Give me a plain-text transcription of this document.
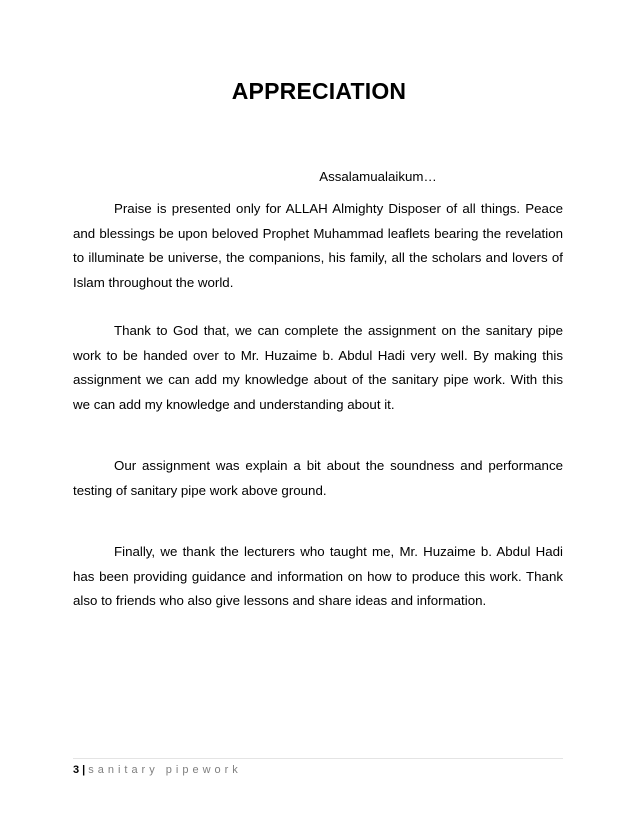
APPRECIATION
Assalamualaikum…

Praise is presented only for ALLAH Almighty Disposer of all things. Peace and blessings be upon beloved Prophet Muhammad leaflets bearing the revelation to illuminate be universe, the companions, his family, all the scholars and lovers of Islam throughout the world.

Thank to God that, we can complete the assignment on the sanitary pipe work to be handed over to Mr. Huzaime b. Abdul Hadi very well. By making this assignment we can add my knowledge about of the sanitary pipe work. With this we can add my knowledge and understanding about it.

Our assignment was explain a bit about the soundness and performance testing of sanitary pipe work above ground.

Finally, we thank the lecturers who taught me, Mr. Huzaime b. Abdul Hadi has been providing guidance and information on how to produce this work. Thank also to friends who also give lessons and share ideas and information.

3 | sanitary pipework
